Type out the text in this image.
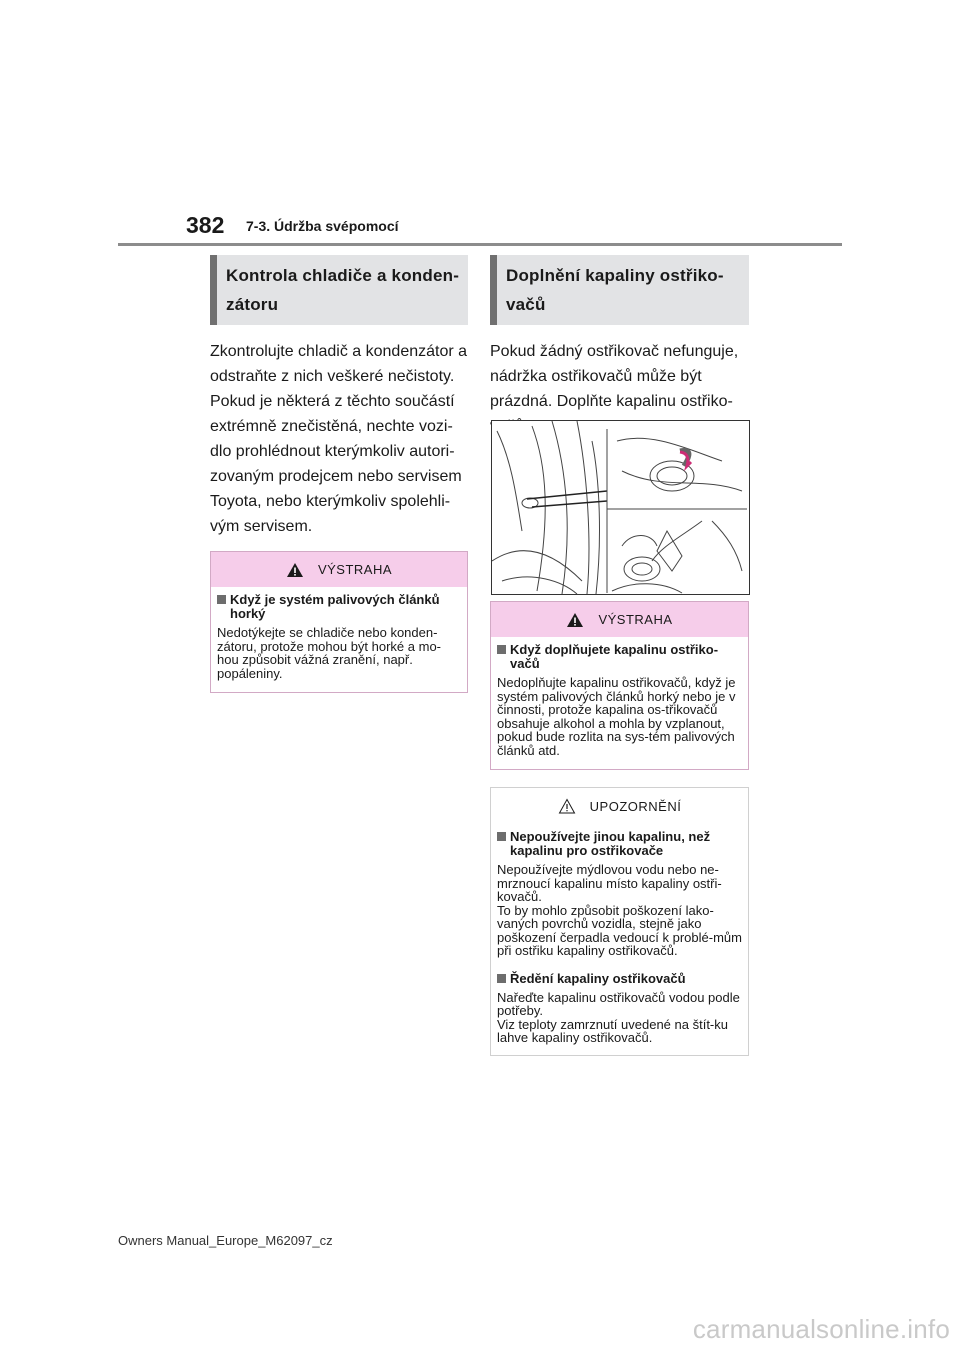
382 7-3. Údržba svépomocí
Kontrola chladiče a konden-zátoru

Zkontrolujte chladič a kondenzátor a odstraňte z nich veškeré nečistoty. Pokud je některá z těchto součástí extrémně znečistěná, nechte vozi-dlo prohlédnout kterýmkoliv autori-zovaným prodejcem nebo servisem Toyota, nebo kterýmkoliv spolehli-vým servisem.

VÝSTRAHA
Když je systém palivových článků horký
Nedotýkejte se chladiče nebo konden-zátoru, protože mohou být horké a mo-hou způsobit vážná zranění, např. popáleniny.
Doplnění kapaliny ostřiko-vačů

Pokud žádný ostřikovač nefunguje, nádržka ostřikovačů může být prázdná. Doplňte kapalinu ostřiko-

VÝSTRAHA
Když doplňujete kapalinu ostřiko-vačů
Nedoplňujte kapalinu ostřikovačů, když je systém palivových článků horký nebo je v činnosti, protože kapalina os-třikovačů obsahuje alkohol a mohla by vzplanout, pokud bude rozlita na sys-tém palivových článků atd.
UPOZORNĚNÍ
Nepoužívejte jinou kapalinu, než kapalinu pro ostřikovače
Nepoužívejte mýdlovou vodu nebo ne-mrznoucí kapalinu místo kapaliny ostři-kovačů.
To by mohlo způsobit poškození lako-vaných povrchů vozidla, stejně jako poškození čerpadla vedoucí k problé-mům při ostřiku kapaliny ostřikovačů.
Ředění kapaliny ostřikovačů
Nařeďte kapalinu ostřikovačů vodou podle potřeby.
Viz teploty zamrznutí uvedené na štít-ku lahve kapaliny ostřikovačů.
Owners Manual_Europe_M62097_cz
carmanualsonline.info
